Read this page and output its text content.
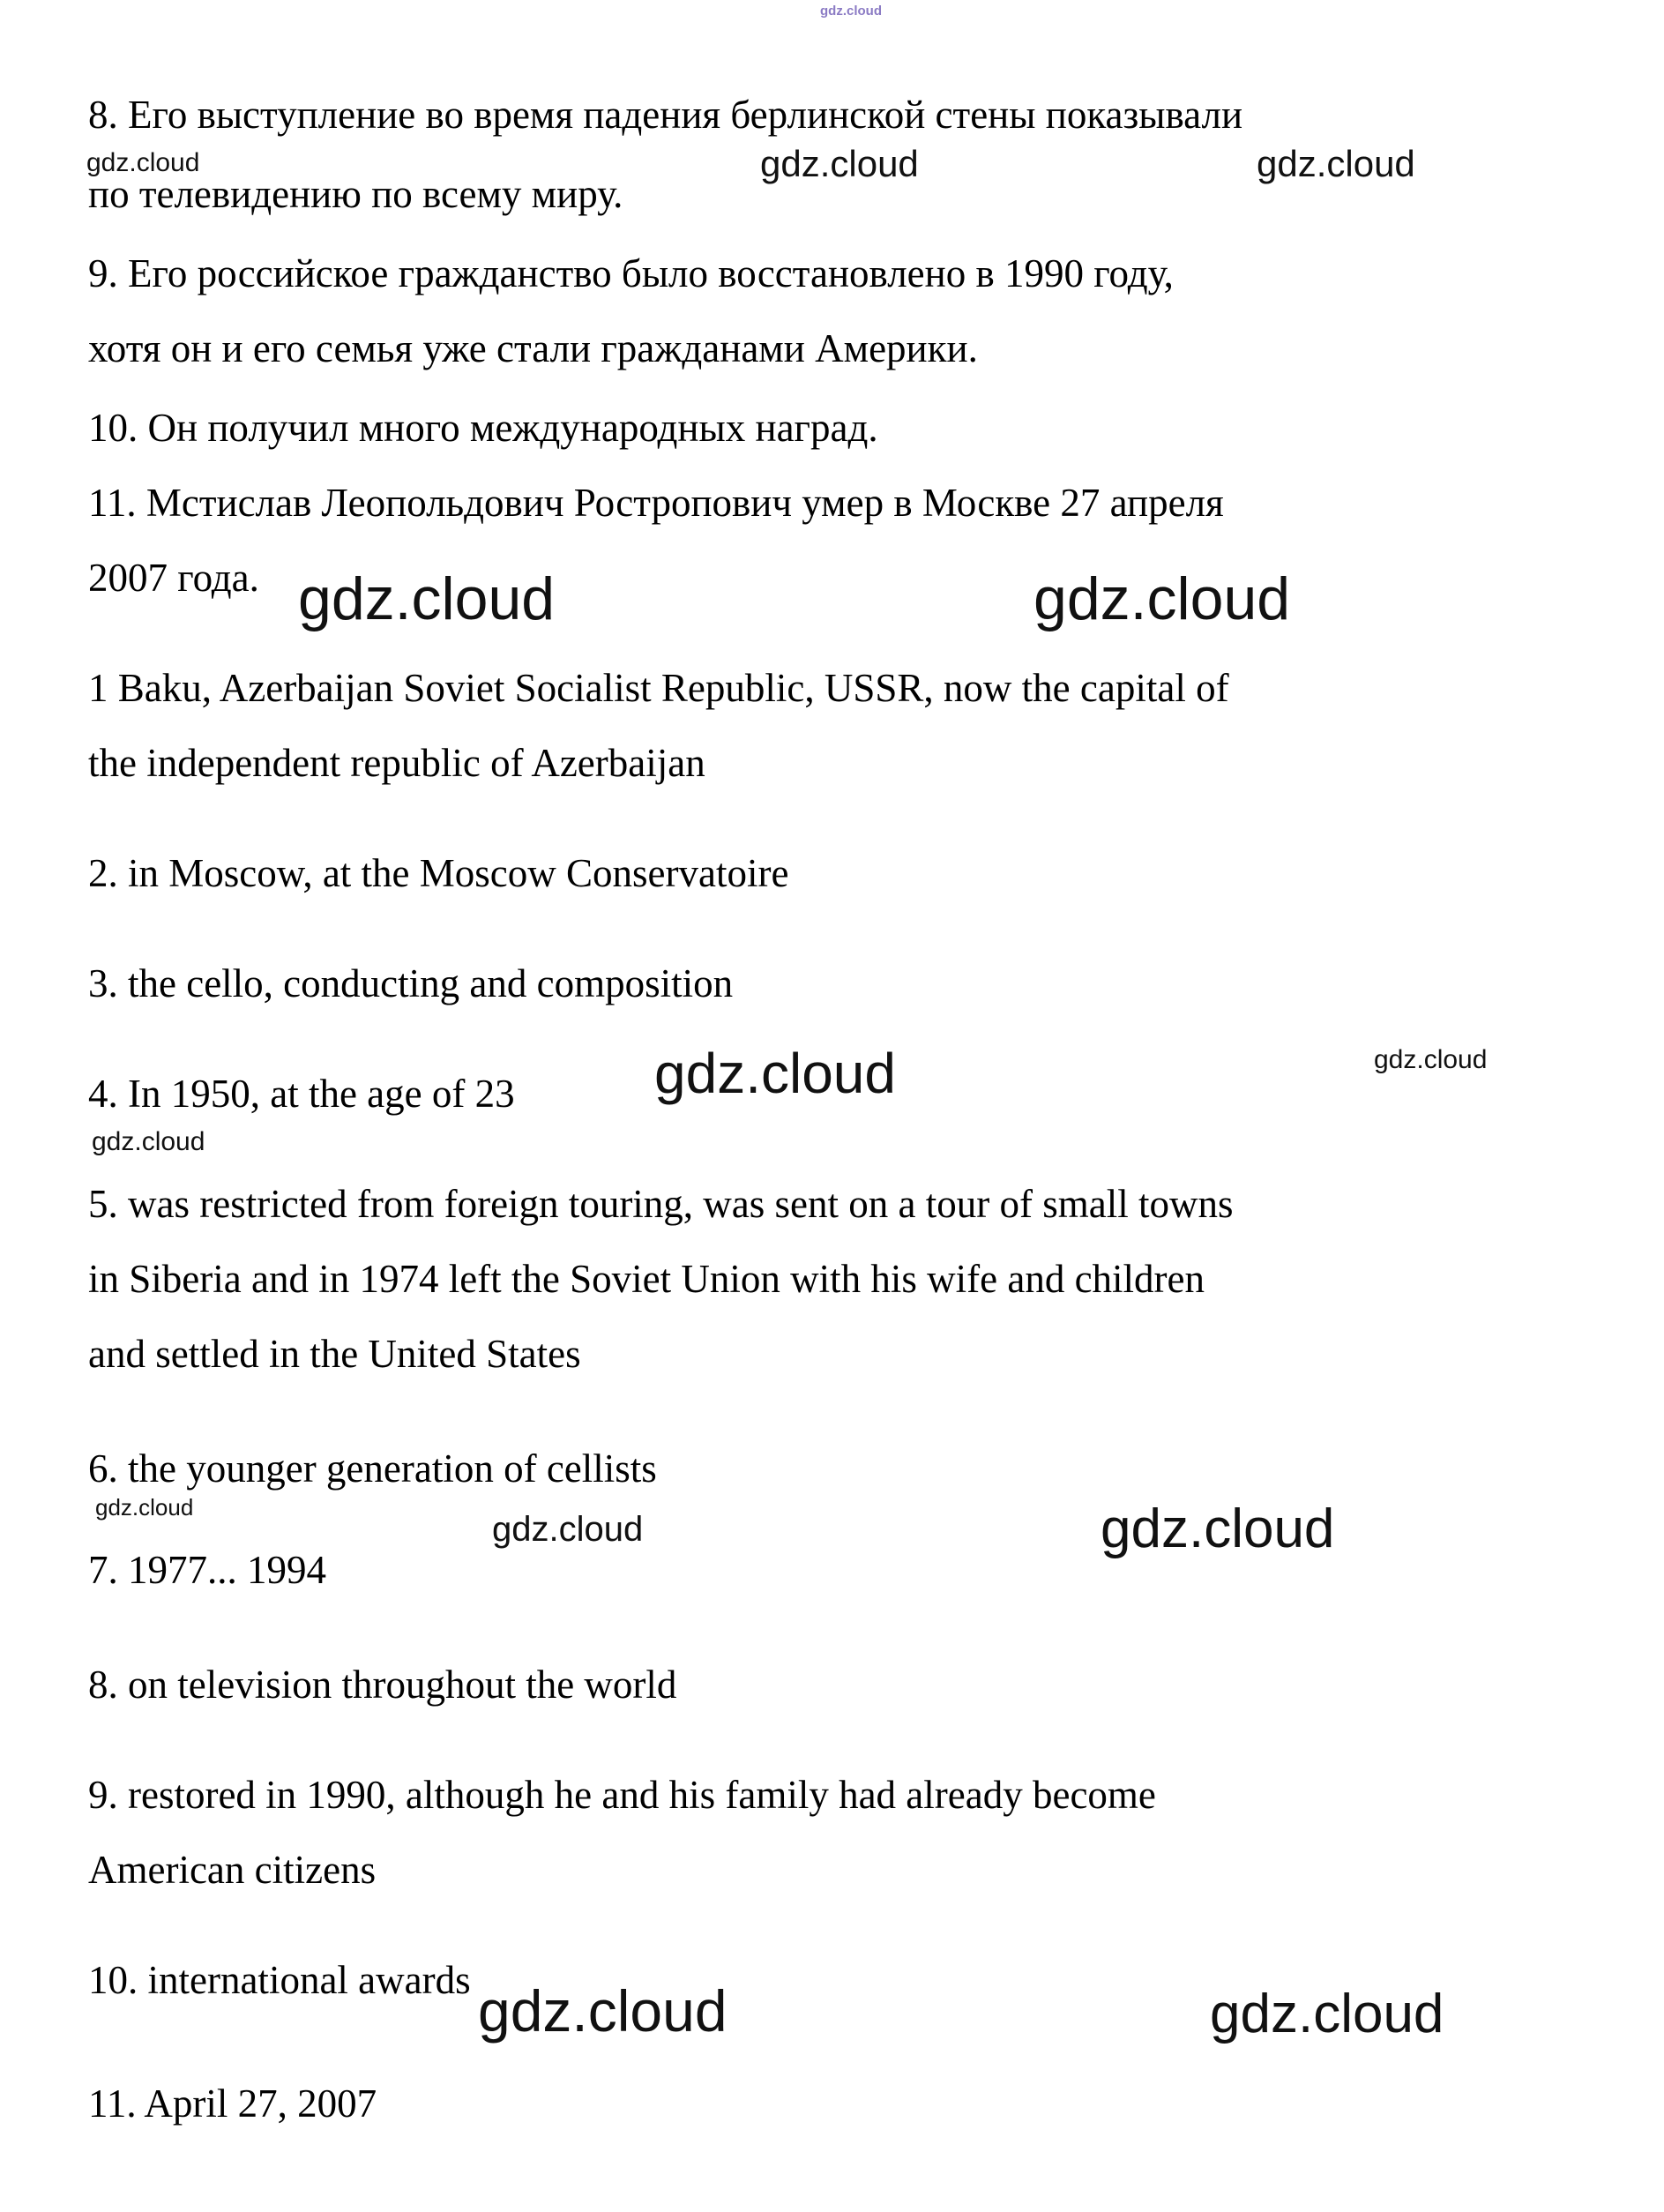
gdz.cloud
gdz.cloud	gdz.cloud	gdz.cloud
gdz.cloud	gdz.cloud
gdz.cloud	gdz.cloud
gdz.cloud
gdz.cloud
gdz.cloud	gdz.cloud
gdz.cloud	gdz.cloud
8. Его выступление во время падения берлинской стены показывали
по телевидению по всему миру.
9. Его российское гражданство было восстановлено в 1990 году,
хотя он и его семья уже стали гражданами Америки.
10. Он получил много международных наград.
11. Мстислав Леопольдович Ростропович умер в Москве 27 апреля
2007 года.
1 Baku, Azerbaijan Soviet Socialist Republic, USSR, now the capital of
the independent republic of Azerbaijan
2. in Moscow, at the Moscow Conservatoire
3. the cello, conducting and composition
4. In 1950, at the age of 23
5. was restricted from foreign touring, was sent on a tour of small towns
in Siberia and in 1974 left the Soviet Union with his wife and children
and settled in the United States
6. the younger generation of cellists
7. 1977... 1994
8. on television throughout the world
9. restored in 1990, although he and his family had already become
American citizens
10. international awards
11. April 27, 2007
